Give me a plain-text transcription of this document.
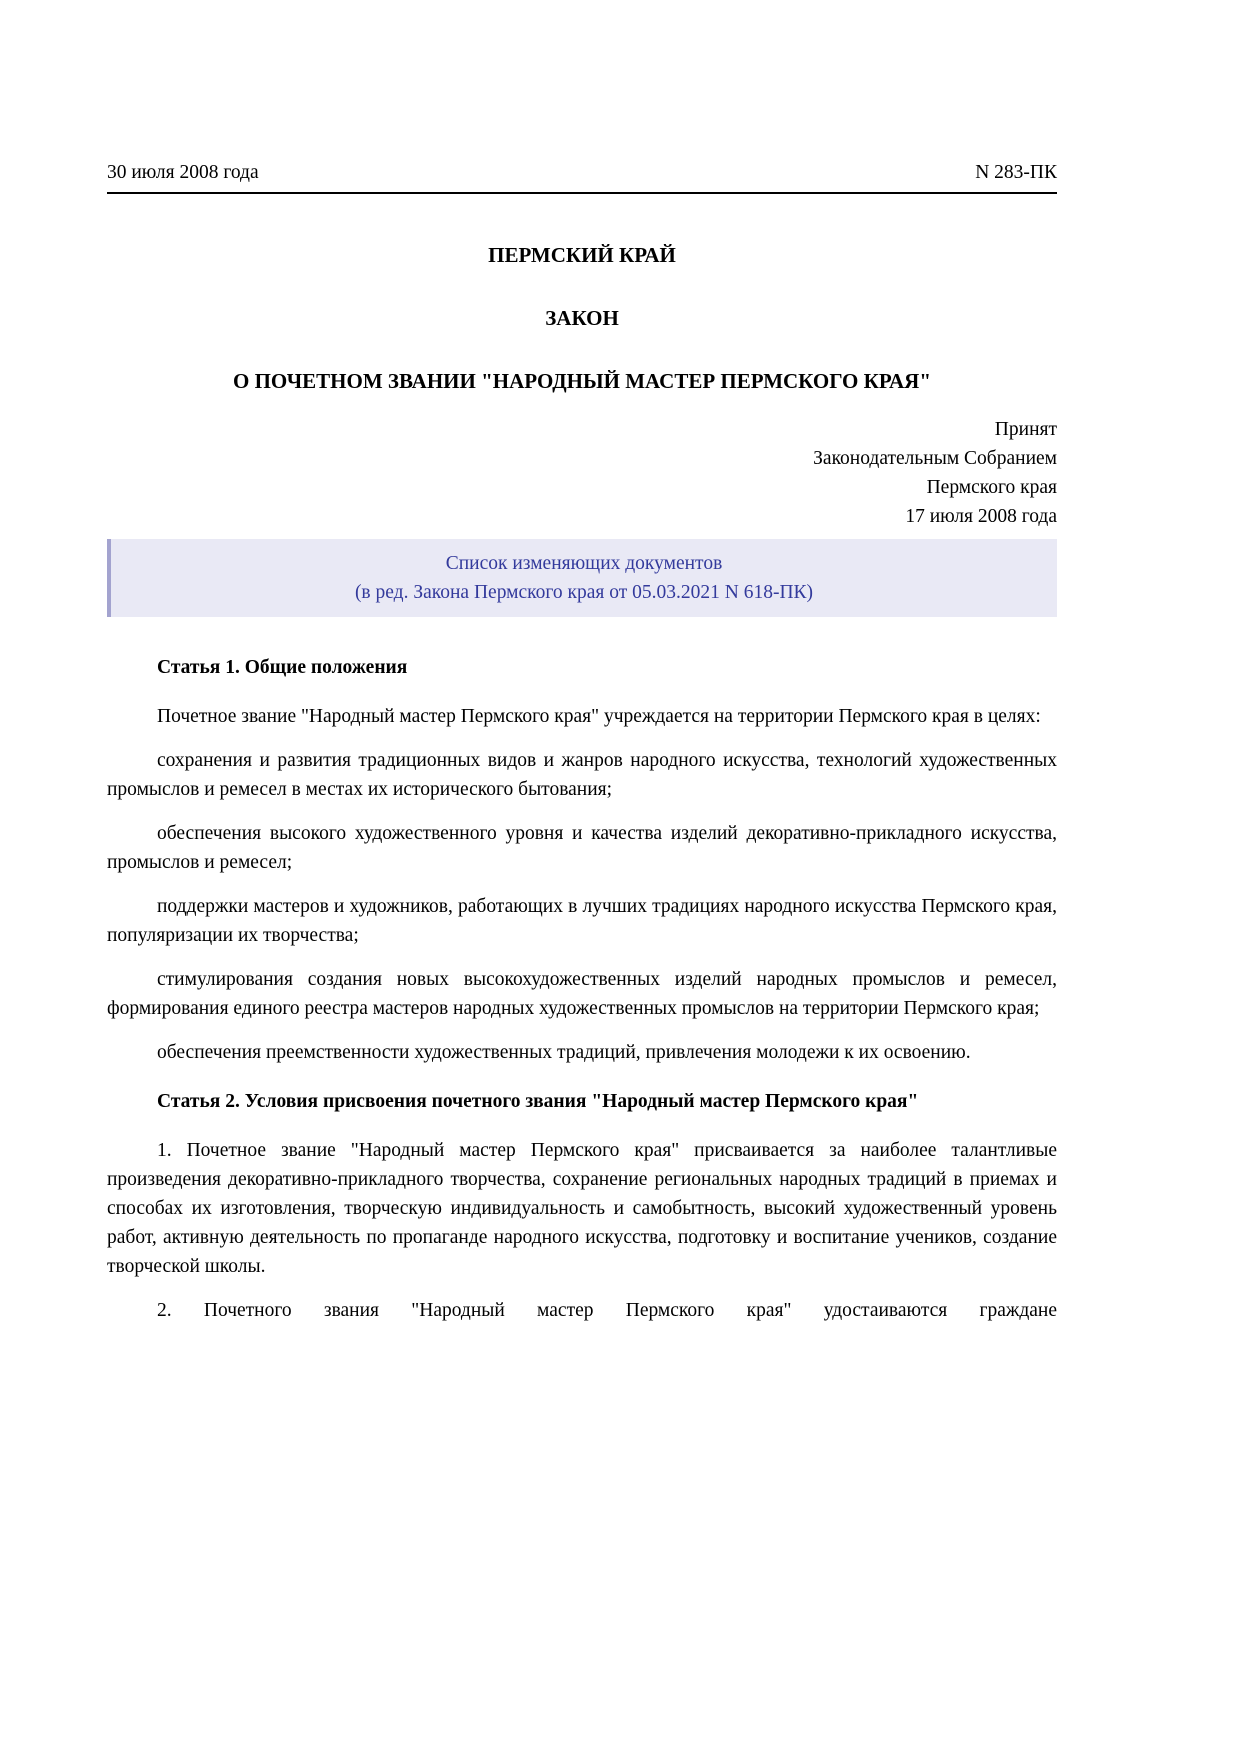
30 июля 2008 года	N 283-ПК
ПЕРМСКИЙ КРАЙ
ЗАКОН
О ПОЧЕТНОМ ЗВАНИИ "НАРОДНЫЙ МАСТЕР ПЕРМСКОГО КРАЯ"
Принят
Законодательным Собранием
Пермского края
17 июля 2008 года
Список изменяющих документов
(в ред. Закона Пермского края от 05.03.2021 N 618-ПК)
Статья 1. Общие положения

Почетное звание "Народный мастер Пермского края" учреждается на территории Пермского края в целях:

сохранения и развития традиционных видов и жанров народного искусства, технологий художественных промыслов и ремесел в местах их исторического бытования;

обеспечения высокого художественного уровня и качества изделий декоративно-прикладного искусства, промыслов и ремесел;

поддержки мастеров и художников, работающих в лучших традициях народного искусства Пермского края, популяризации их творчества;

стимулирования создания новых высокохудожественных изделий народных промыслов и ремесел, формирования единого реестра мастеров народных художественных промыслов на территории Пермского края;

обеспечения преемственности художественных традиций, привлечения молодежи к их освоению.

Статья 2. Условия присвоения почетного звания "Народный мастер Пермского края"

1. Почетное звание "Народный мастер Пермского края" присваивается за наиболее талантливые произведения декоративно-прикладного творчества, сохранение региональных народных традиций в приемах и способах их изготовления, творческую индивидуальность и самобытность, высокий художественный уровень работ, активную деятельность по пропаганде народного искусства, подготовку и воспитание учеников, создание творческой школы.

2. Почетного звания "Народный мастер Пермского края" удостаиваются граждане
